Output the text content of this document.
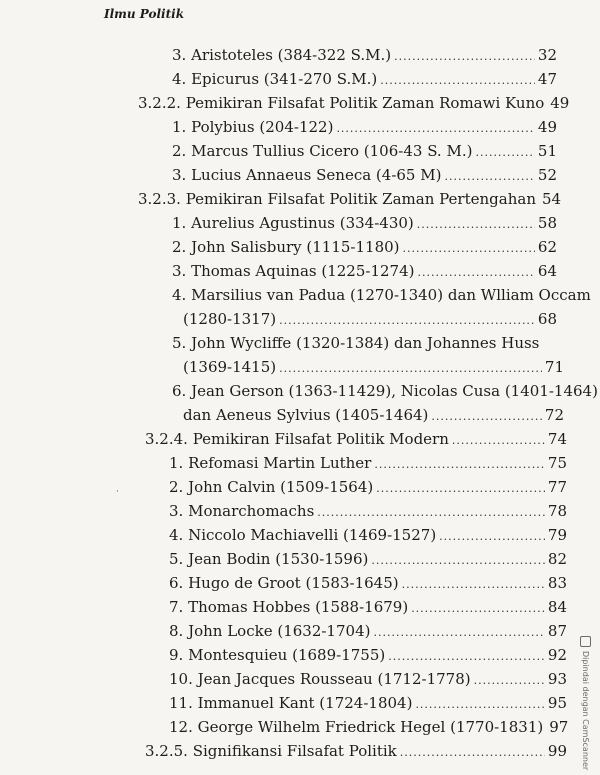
Ilmu Politik
3. Aristoteles (384-322 S.M.) .....	32
4. Epicurus (341-270 S.M.) .....	47
3.2.2. Pemikiran Filsafat Politik Zaman Romawi Kuno 49
1. Polybius (204-122) .....	49
2. Marcus Tullius Cicero (106-43 S. M.) .....	51
3. Lucius Annaeus Seneca (4-65 M) .....	52
3.2.3. Pemikiran Filsafat Politik Zaman Pertengahan 54
1. Aurelius Agustinus (334-430) .....	58
2. John Salisbury (1115-1180) .....	62
3. Thomas Aquinas (1225-1274) .....	64
4. Marsilius van Padua (1270-1340) dan Wlliam Occam
(1280-1317) .....	68
5. John Wycliffe (1320-1384) dan Johannes Huss
(1369-1415) .....	71
6. Jean Gerson (1363-11429), Nicolas Cusa (1401-1464)
dan Aeneus Sylvius (1405-1464) .....	72
3.2.4. Pemikiran Filsafat Politik Modern .....	74
1. Refomasi Martin Luther .....	75
2. John Calvin (1509-1564) .....	77
3. Monarchomachs .....	78
4. Niccolo Machiavelli (1469-1527) .....	79
5. Jean Bodin (1530-1596) .....	82
6. Hugo de Groot (1583-1645) .....	83
7. Thomas Hobbes (1588-1679) .....	84
8. John Locke (1632-1704) .....	87
9. Montesquieu (1689-1755) .....	92
10. Jean Jacques Rousseau (1712-1778) .....	93
11. Immanuel Kant (1724-1804) .....	95
12. George Wilhelm Friedrick Hegel (1770-1831) 97
3.2.5. Signifikansi Filsafat Politik .....	99
·
Dipindai dengan CamScanner
